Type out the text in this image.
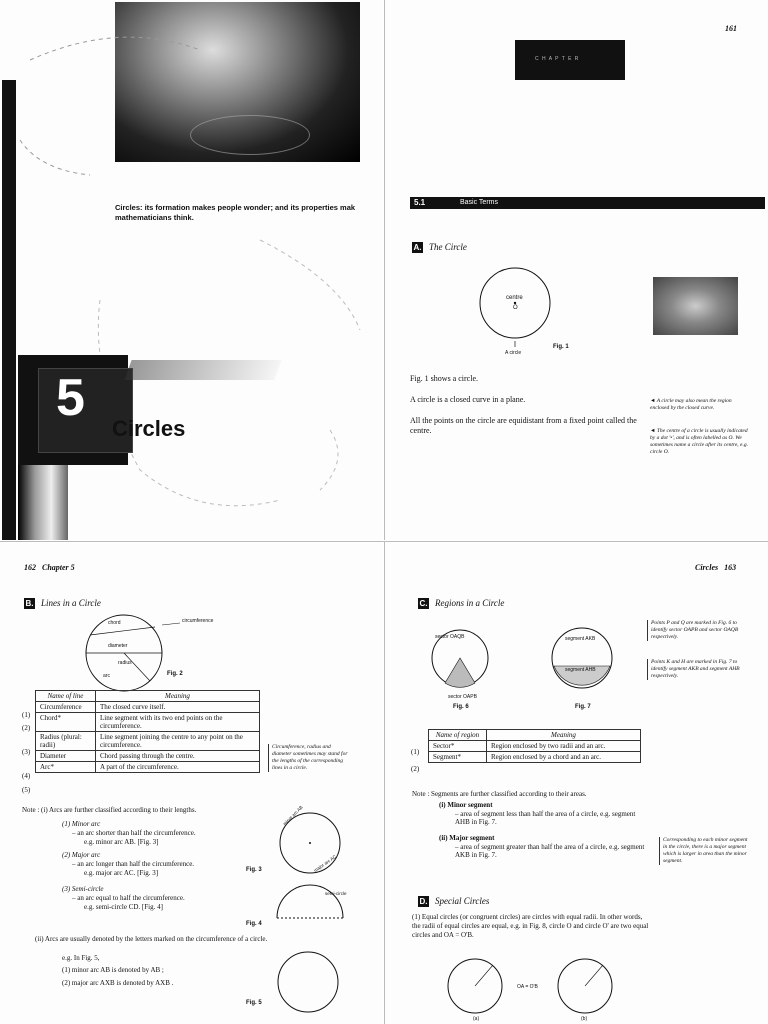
Circles: its formation makes people wonder; and its properties mak mathematicians think.
5
Circles
161
C H A P T E R
5.1	Basic Terms
A. The Circle
centre
O
A circle
Fig. 1
Fig. 1 shows a circle.
A circle is a closed curve in a plane.
All the points on the circle are equidistant from a fixed point called the centre.
◄ A circle may also mean the region enclosed by the closed curve.
◄ The centre of a circle is usually indicated by a dot '•', and is often labelled as O. We sometimes name a circle after its centre, e.g. circle O.
162   Chapter 5
B. Lines in a Circle
chord	circumference
diameter
radius
arc	Fig. 2
Name of line	Meaning
Circumference	The closed curve itself.
Chord*	Line segment with its two end points on the circumference.
Radius (plural: radii)	Line segment joining the centre to any point on the circumference.
Diameter	Chord passing through the centre.
Arc*	A part of the circumference.
(1)
(2)
(3)
(4)
(5)
Circumference, radius and diameter sometimes may stand for the lengths of the corresponding lines in a circle.
Note : (i) Arcs are further classified according to their lengths.
(1) Minor arc
– an arc shorter than half the circumference.
e.g. minor arc AB. [Fig. 3]
(2) Major arc
– an arc longer than half the circumference.
e.g. major arc AC. [Fig. 3]
(3) Semi-circle
– an arc equal to half the circumference.
e.g. semi-circle CD. [Fig. 4]
minor arc AB
major arc AC
Fig. 3
semi-circle
Fig. 4
(ii) Arcs are usually denoted by the letters marked on the circumference of a circle.
e.g. In Fig. 5,
(1) minor arc AB is denoted by AB ;
(2) major arc AXB is denoted by AXB .
Fig. 5
Circles   163
C. Regions in a Circle
sector OAQB
sector OAPB
Fig. 6
segment AKB
segment AHB
Fig. 7
Points P and Q are marked in Fig. 6 to identify sector OAPB and sector OAQB respectively.
Points K and H are marked in Fig. 7 to identify segment AKB and segment AHB respectively.
Name of region	Meaning
Sector*	Region enclosed by two radii and an arc.
Segment*	Region enclosed by a chord and an arc.
(1)
(2)
Note : Segments are further classified according to their areas.
(i) Minor segment
– area of segment less than half the area of a circle, e.g. segment AHB in Fig. 7.
(ii) Major segment
– area of segment greater than half the area of a circle, e.g. segment AKB in Fig. 7.
Corresponding to each minor segment in the circle, there is a major segment which is larger in area than the minor segment.
D. Special Circles
(1) Equal circles (or congruent circles) are circles with equal radii. In other words, the radii of equal circles are equal, e.g. in Fig. 8, circle O and circle O' are two equal circles and OA = O'B.
OA = O'B
(a)	(b)
